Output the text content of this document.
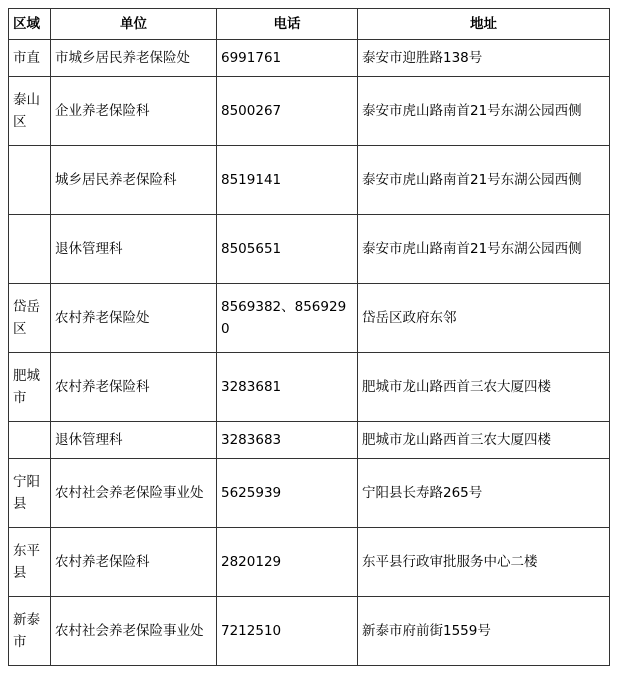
区域	单位	电话	地址
市直	市城乡居民养老保险处	6991761	泰安市迎胜路138号
泰山区	企业养老保险科	8500267	泰安市虎山路南首21号东湖公园西侧
	城乡居民养老保险科	8519141	泰安市虎山路南首21号东湖公园西侧
	退休管理科	8505651	泰安市虎山路南首21号东湖公园西侧
岱岳区	农村养老保险处	8569382、8569290	岱岳区政府东邻
肥城市	农村养老保险科	3283681	肥城市龙山路西首三农大厦四楼
	退休管理科	3283683	肥城市龙山路西首三农大厦四楼
宁阳县	农村社会养老保险事业处	5625939	宁阳县长寿路265号
东平县	农村养老保险科	2820129	东平县行政审批服务中心二楼
新泰市	农村社会养老保险事业处	7212510	新泰市府前街1559号
